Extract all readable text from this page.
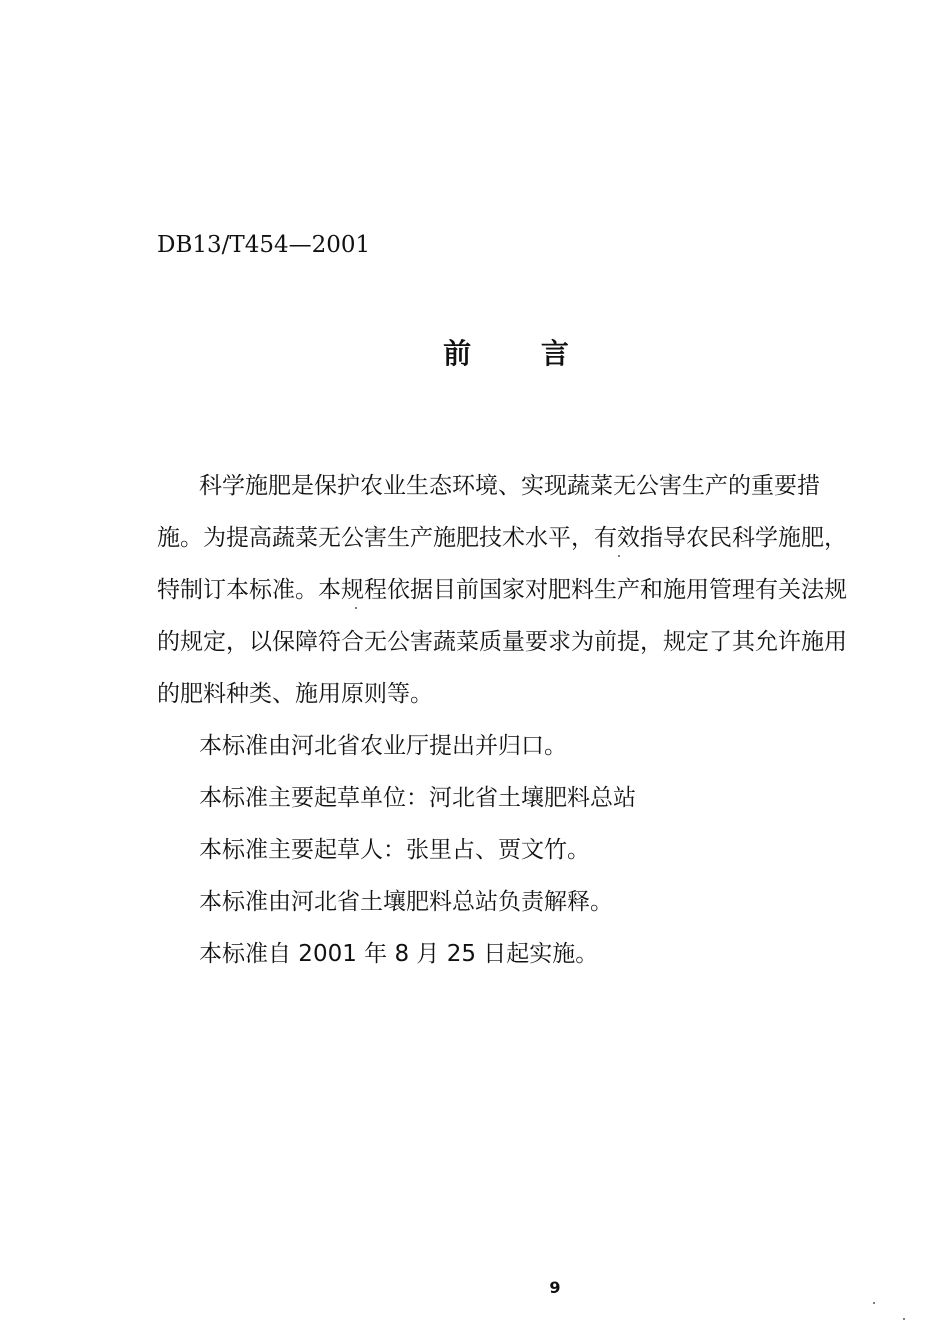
DB13/T454—2001
前 言

科学施肥是保护农业生态环境、实现蔬菜无公害生产的重要措
施。为提高蔬菜无公害生产施肥技术水平，有效指导农民科学施肥，
特制订本标准。本规程依据目前国家对肥料生产和施用管理有关法规
的规定，以保障符合无公害蔬菜质量要求为前提，规定了其允许施用
的肥料种类、施用原则等。

本标准由河北省农业厅提出并归口。

本标准主要起草单位：河北省土壤肥料总站

本标准主要起草人：张里占、贾文竹。

本标准由河北省土壤肥料总站负责解释。

本标准自 2001 年 8 月 25 日起实施。

9
